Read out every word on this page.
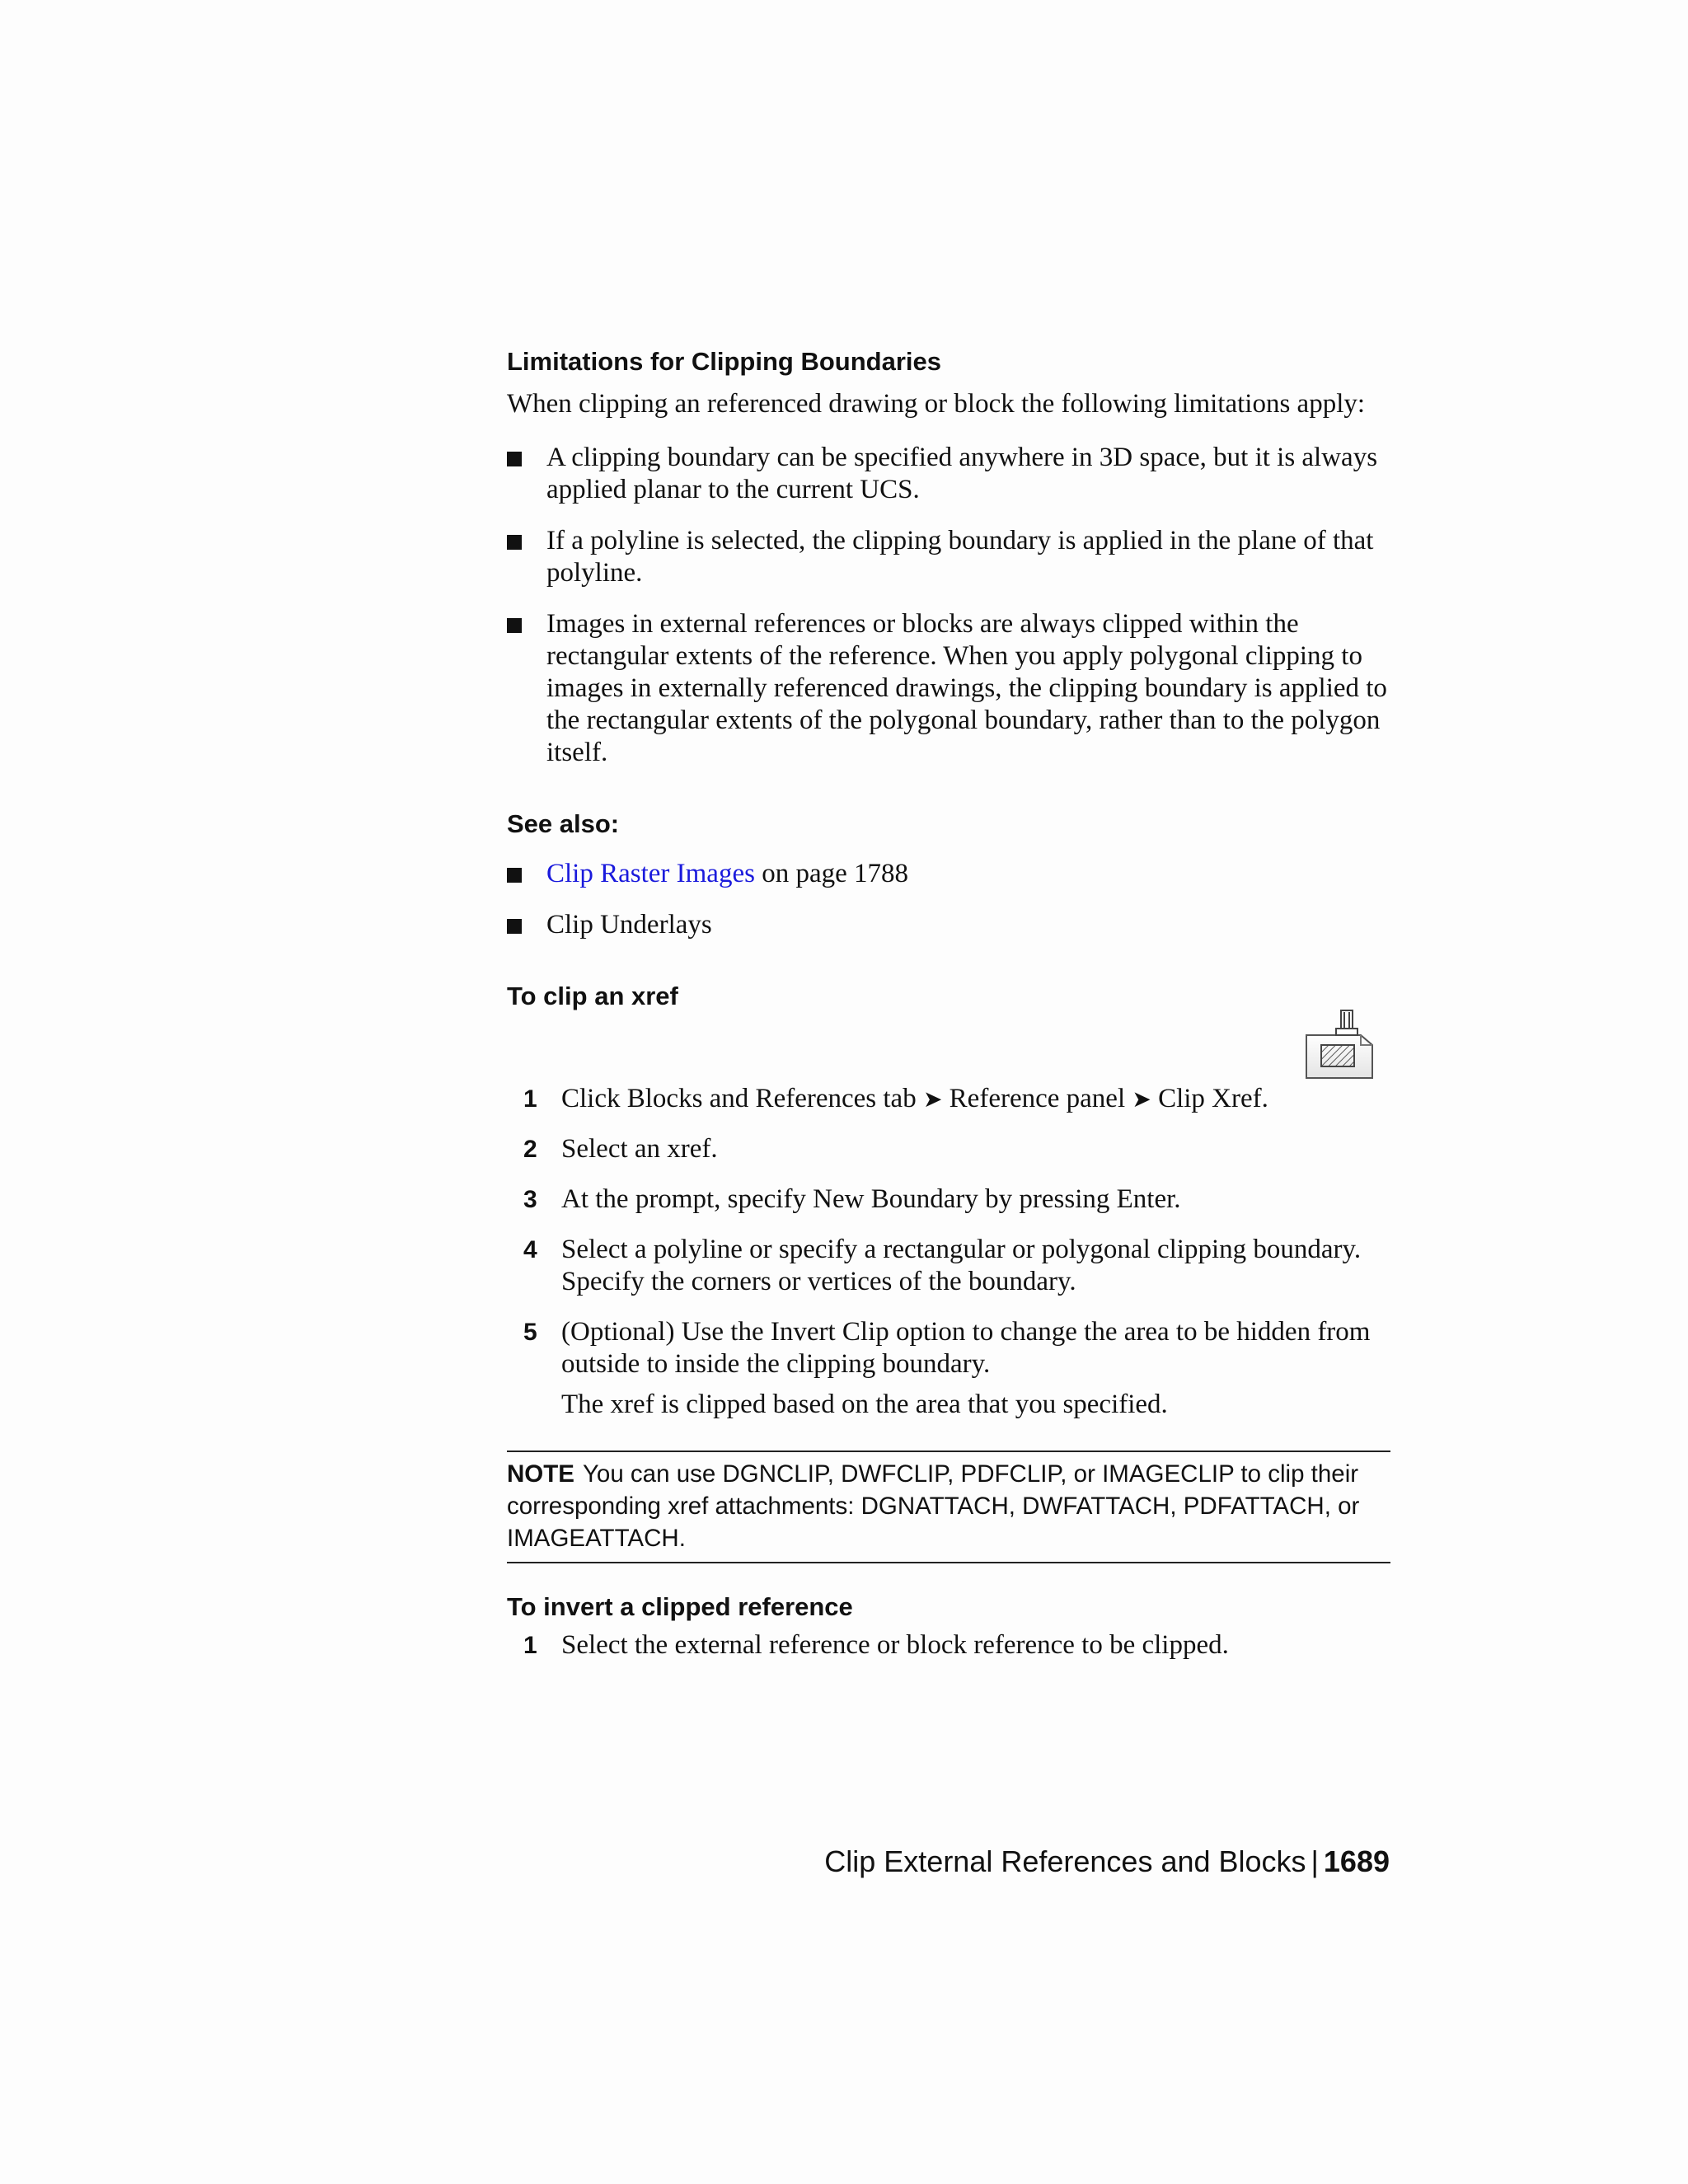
Limitations for Clipping Boundaries

When clipping an referenced drawing or block the following limitations apply:

A clipping boundary can be specified anywhere in 3D space, but it is always applied planar to the current UCS.
If a polyline is selected, the clipping boundary is applied in the plane of that polyline.
Images in external references or blocks are always clipped within the rectangular extents of the reference. When you apply polygonal clipping to images in externally referenced drawings, the clipping boundary is applied to the rectangular extents of the polygonal boundary, rather than to the polygon itself.
See also:
Clip Raster Images on page 1788
Clip Underlays
To clip an xref
1 Click Blocks and References tab ➤ Reference panel ➤ Clip Xref.
2 Select an xref.
3 At the prompt, specify New Boundary by pressing Enter.
4 Select a polyline or specify a rectangular or polygonal clipping boundary. Specify the corners or vertices of the boundary.
5 (Optional) Use the Invert Clip option to change the area to be hidden from outside to inside the clipping boundary.
The xref is clipped based on the area that you specified.
NOTE You can use DGNCLIP, DWFCLIP, PDFCLIP, or IMAGECLIP to clip their corresponding xref attachments: DGNATTACH, DWFATTACH, PDFATTACH, or IMAGEATTACH.
To invert a clipped reference
1 Select the external reference or block reference to be clipped.
Clip External References and Blocks | 1689
